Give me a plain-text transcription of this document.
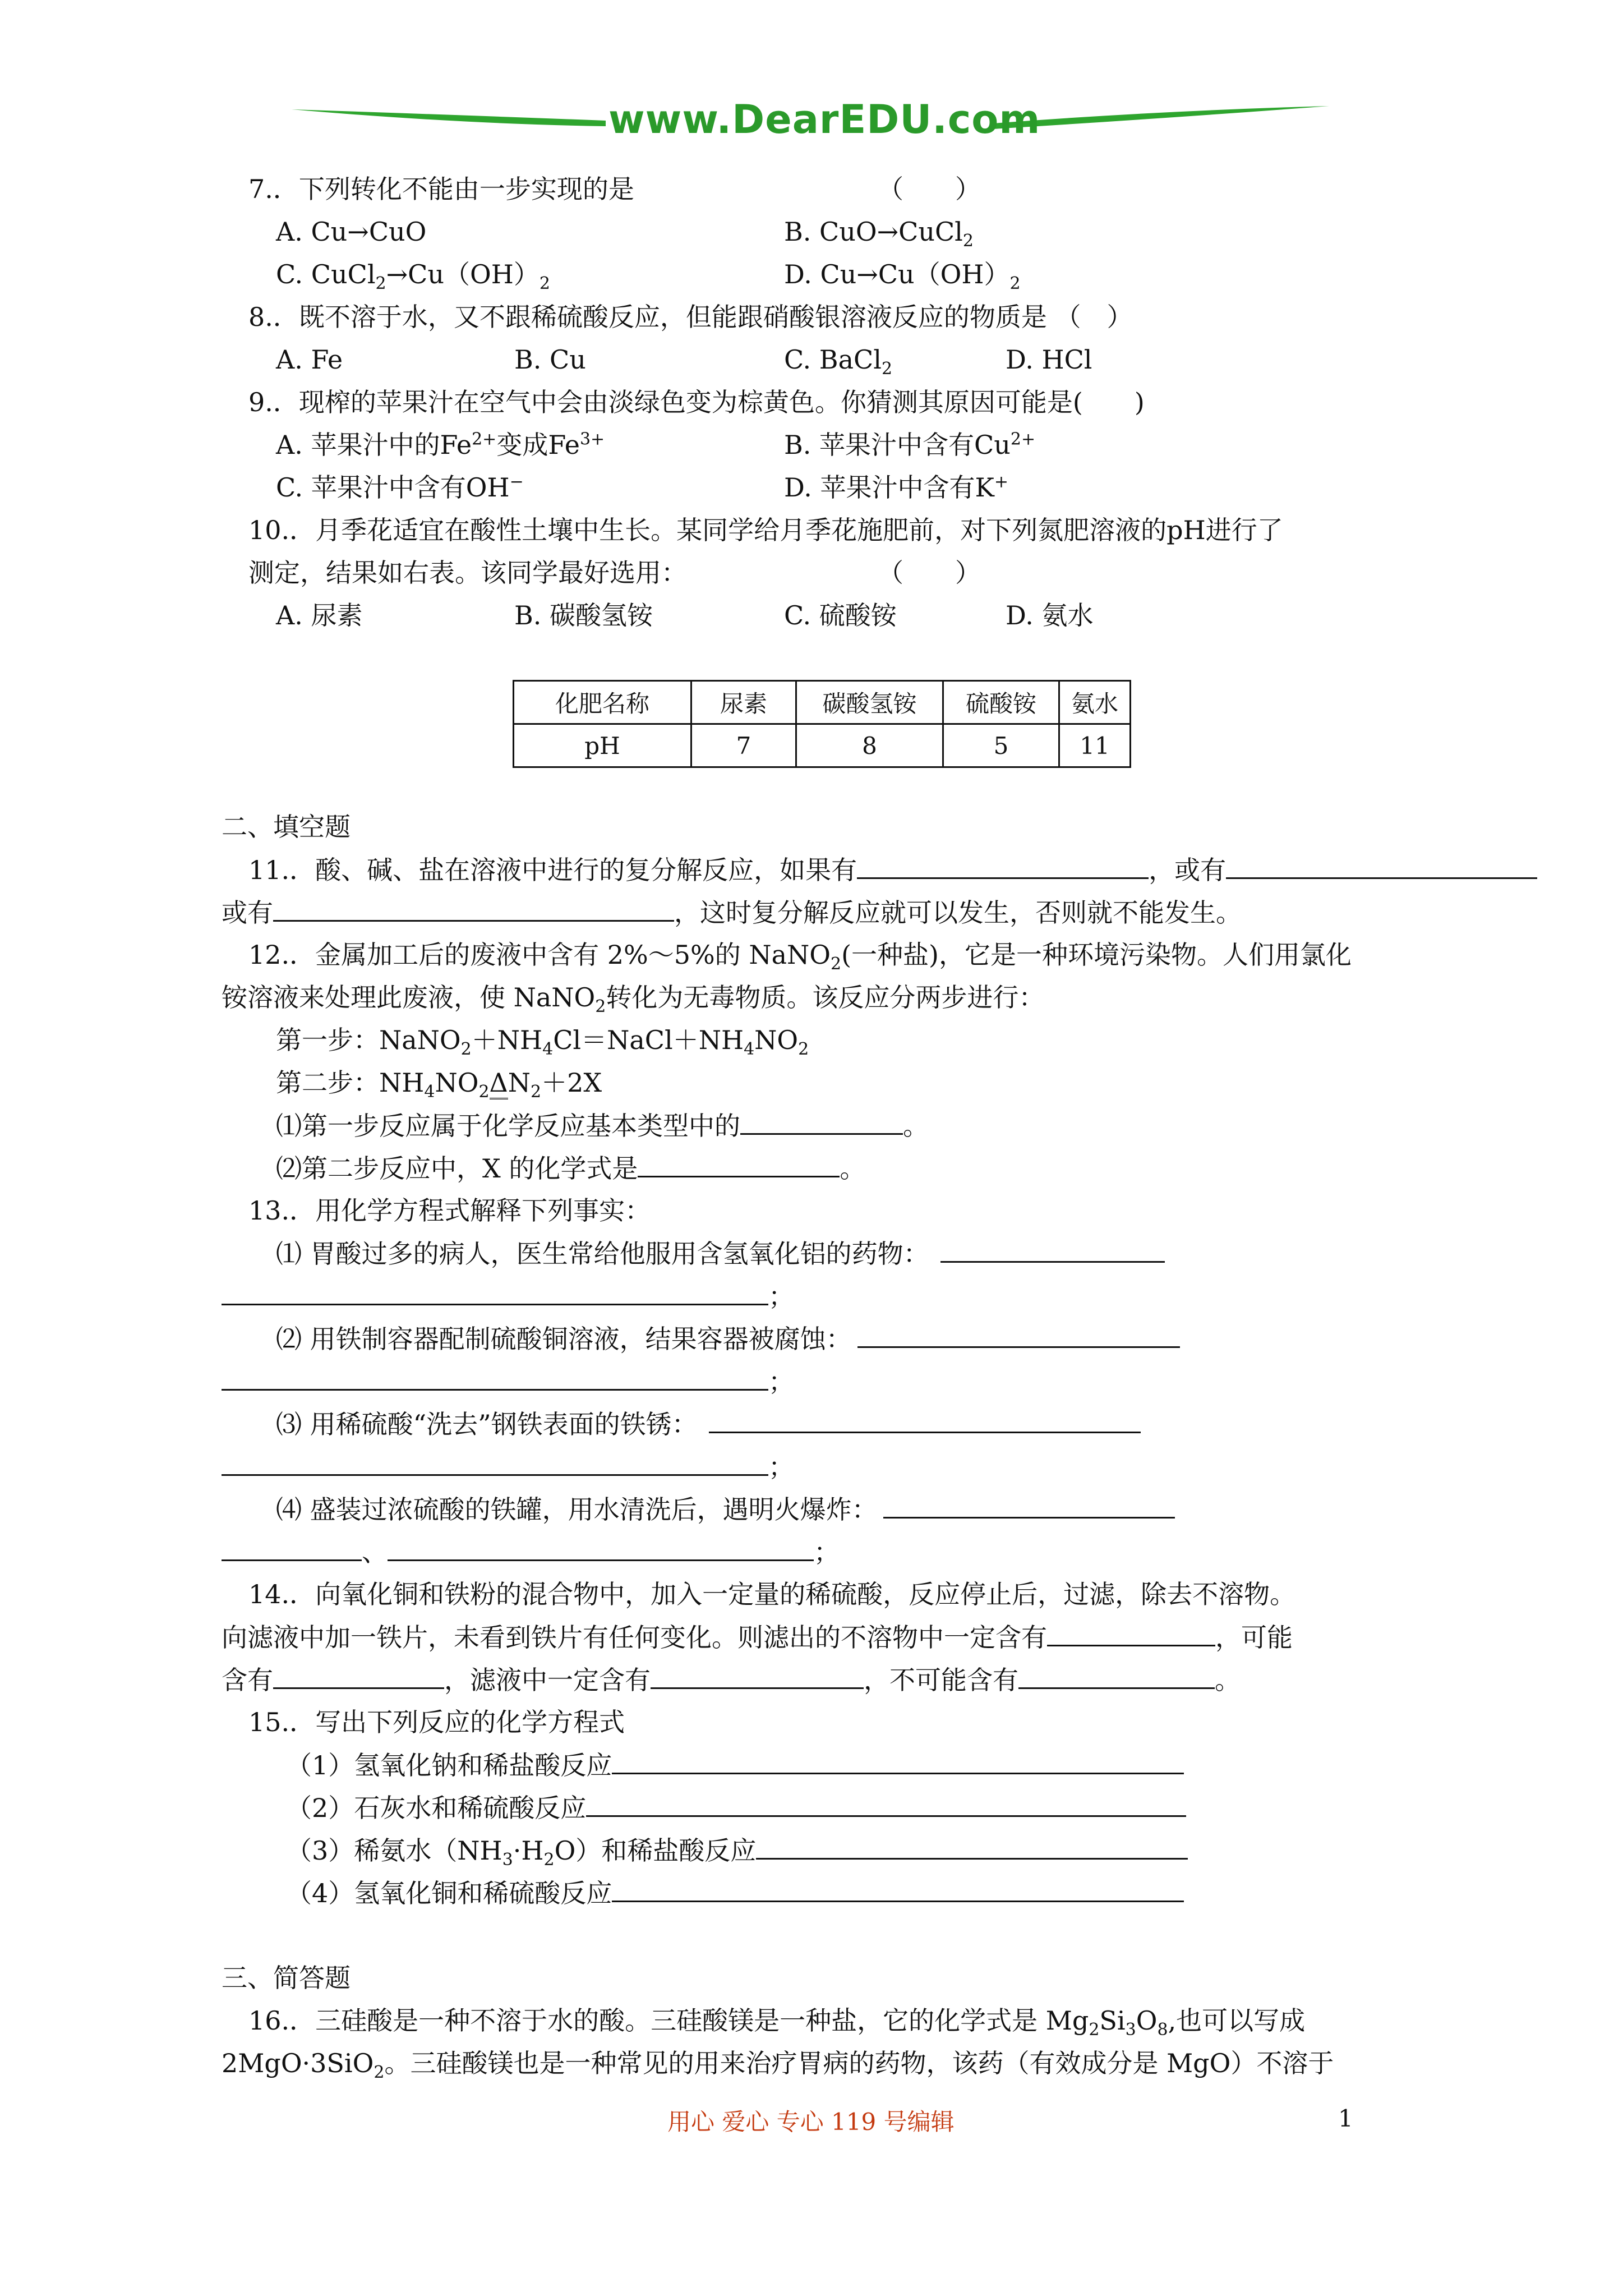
www.DearEDU.com
7.．下列转化不能由一步实现的是	（　　）
A. Cu→CuO	B. CuO→CuCl$_2$
C. $CuCl_2\to Cu(OH)_2$	D. $Cu\to Cu(OH)_2$
8.．既不溶于水，又不跟稀硫酸反应，但能跟硝酸银溶液反应的物质是 （　）
A. Fe	B. Cu	C. BaCl$_2$	D. HCl
9.．现榨的苹果汁在空气中会由淡绿色变为棕黄色。你猜测其原因可能是(　　)
A. 苹果汁中的$Fe^{2+}$变成$Fe^{3+}$	B. 苹果汁中含有$Cu^{2+}$
C. 苹果汁中含有OH−	D. 苹果汁中含有K+
10.．月季花适宜在酸性土壤中生长。某同学给月季花施肥前，对下列氮肥溶液的pH进行了
测定，结果如右表。该同学最好选用：	（　　）
A. 尿素	B. 碳酸氢铵	C. 硫酸铵	D. 氨水
化肥名称	尿素	碳酸氢铵	硫酸铵	氨水
pH	7	8	5	11
二、填空题
11.．酸、碱、盐在溶液中进行的复分解反应，如果有	，或有
或有	，这时复分解反应就可以发生，否则就不能发生。
12.．金属加工后的废液中含有 2%～5%的 NaNO$_2$(一种盐)，它是一种环境污染物。人们用氯化
铵溶液来处理此废液，使 NaNO$_2$转化为无毒物质。该反应分两步进行：
第一步：$NaNO_2+NH_4Cl=NaCl+NH_4NO_2$
第二步：$NH_4NO_2\Delta N_2+2X$
⑴第一步反应属于化学反应基本类型中的	。
⑵第二步反应中，X 的化学式是	。
13.．用化学方程式解释下列事实：
⑴ 胃酸过多的病人，医生常给他服用含氢氧化铝的药物：
；
⑵ 用铁制容器配制硫酸铜溶液，结果容器被腐蚀：
；
⑶ 用稀硫酸“洗去”钢铁表面的铁锈：
；
⑷ 盛装过浓硫酸的铁罐，用水清洗后，遇明火爆炸：
、	；
14.．向氧化铜和铁粉的混合物中，加入一定量的稀硫酸，反应停止后，过滤，除去不溶物。
向滤液中加一铁片，未看到铁片有任何变化。则滤出的不溶物中一定含有	，可能
含有	，滤液中一定含有	，不可能含有	。
15.．写出下列反应的化学方程式
（1）氢氧化钠和稀盐酸反应
（2）石灰水和稀硫酸反应
（3）稀氨水$(NH_3\cdot H_2O)$和稀盐酸反应
（4）氢氧化铜和稀硫酸反应
三、简答题
16.．三硅酸是一种不溶于水的酸。三硅酸镁是一种盐，它的化学式是 $Mg_2Si_3O_8$,也可以写成
2MgO·3SiO$_2$。三硅酸镁也是一种常见的用来治疗胃病的药物，该药（有效成分是 MgO）不溶于
用心 爱心 专心 119 号编辑	1
